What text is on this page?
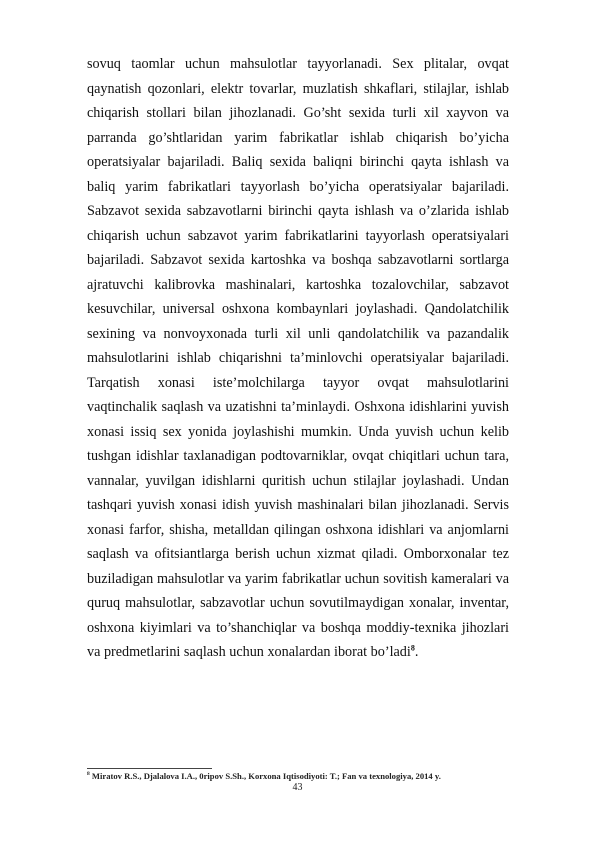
sovuq taomlar uchun mahsulotlar tayyorlanadi. Sex plitalar, ovqat qaynatish qozonlari, elektr tovarlar, muzlatish shkaflari, stilajlar, ishlab chiqarish stollari bilan jihozlanadi. Go’sht sexida turli xil xayvon va parranda go’shtlaridan yarim fabrikatlar ishlab chiqarish bo’yicha operatsiyalar bajariladi. Baliq sexida baliqni birinchi qayta ishlash va baliq yarim fabrikatlari tayyorlash bo’yicha operatsiyalar bajariladi. Sabzavot sexida sabzavotlarni birinchi qayta ishlash va o’zlarida ishlab chiqarish uchun sabzavot yarim fabrikatlarini tayyorlash operatsiyalari bajariladi. Sabzavot sexida kartoshka va boshqa sabzavotlarni sortlarga ajratuvchi kalibrovka mashinalari, kartoshka tozalovchilar, sabzavot kesuvchilar, universal oshxona kombaynlari joylashadi. Qandolatchilik sexining va nonvoyxonada turli xil unli qandolatchilik va pazandalik mahsulotlarini ishlab chiqarishni ta’minlovchi operatsiyalar bajariladi. Tarqatish xonasi iste’molchilarga tayyor ovqat mahsulotlarini vaqtinchalik saqlash va uzatishni ta’minlaydi. Oshxona idishlarini yuvish xonasi issiq sex yonida joylashishi mumkin. Unda yuvish uchun kelib tushgan idishlar taxlanadigan podtovarniklar, ovqat chiqitlari uchun tara, vannalar, yuvilgan idishlarni quritish uchun stilajlar joylashadi. Undan tashqari yuvish xonasi idish yuvish mashinalari bilan jihozlanadi. Servis xonasi farfor, shisha, metalldan qilingan oshxona idishlari va anjomlarni saqlash va ofitsiantlarga berish uchun xizmat qiladi. Omborxonalar tez buziladigan mahsulotlar va yarim fabrikatlar uchun sovitish kameralari va quruq mahsulotlar, sabzavotlar uchun sovutilmaydigan xonalar, inventar, oshxona kiyimlari va to’shanchiqlar va boshqa moddiy-texnika jihozlari va predmetlarini saqlash uchun xonalardan iborat bo’ladi$^8$.

$^8$ Miratov R.S., Djalalova I.A., 0ripov S.Sh., Korxona Iqtisodiyoti: T.; Fan va texnologiya, 2014 y.
43
